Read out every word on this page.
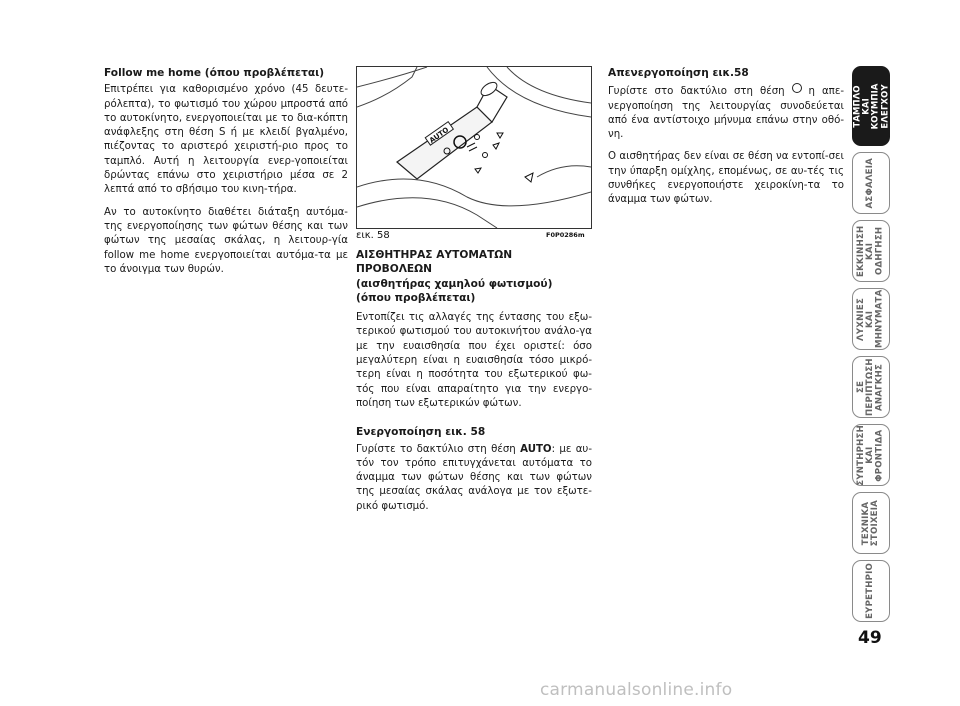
Follow me home (όπου προβλέπεται)

Επιτρέπει για καθορισμένο χρόνο (45 δευτε-ρόλεπτα), το φωτισμό του χώρου μπροστά από το αυτοκίνητο, ενεργοποιείται με το δια-κόπτη ανάφλεξης στη θέση S ή με κλειδί βγαλμένο, πιέζοντας το αριστερό χειριστή-ριο προς το ταμπλό. Αυτή η λειτουργία ενερ-γοποιείται δρώντας επάνω στο χειριστήριο μέσα σε 2 λεπτά από το σβήσιμο του κινη-τήρα.

Αν το αυτοκίνητο διαθέτει διάταξη αυτόμα-της ενεργοποίησης των φώτων θέσης και των φώτων της μεσαίας σκάλας, η λειτουρ-γία follow me home ενεργοποιείται αυτόμα-τα με το άνοιγμα των θυρών.

AUTO
εικ. 58	F0P0286m
ΑΙΣΘΗΤΗΡΑΣ ΑΥΤΟΜΑΤΩΝ
ΠΡΟΒΟΛΕΩΝ
(αισθητήρας χαμηλού φωτισμού)
(όπου προβλέπεται)

Εντοπίζει τις αλλαγές της έντασης του εξω-τερικού φωτισμού του αυτοκινήτου ανάλο-γα με την ευαισθησία που έχει οριστεί: όσο μεγαλύτερη είναι η ευαισθησία τόσο μικρό-τερη είναι η ποσότητα του εξωτερικού φω-τός που είναι απαραίτητο για την ενεργο-ποίηση των εξωτερικών φώτων.

Ενεργοποίηση εικ. 58

Γυρίστε το δακτύλιο στη θέση AUTO: με αυ-τόν τον τρόπο επιτυγχάνεται αυτόματα το άναμμα των φώτων θέσης και των φώτων της μεσαίας σκάλας ανάλογα με τον εξωτε-ρικό φωτισμό.

Απενεργοποίηση εικ.58

Γυρίστε στο δακτύλιο στη θέση  η απε-νεργοποίηση της λειτουργίας συνοδεύεται από ένα αντίστοιχο μήνυμα επάνω στην οθό-νη.

Ο αισθητήρας δεν είναι σε θέση να εντοπί-σει την ύπαρξη ομίχλης, επομένως, σε αυ-τές τις συνθήκες ενεργοποιήστε χειροκίνη-τα το άναμμα των φώτων.

ΤΑΜΠΛΟ ΚΑΙ
ΚΟΥΜΠΙΑ
ΕΛΕΓΧΟΥ
ΑΣΦΑΛΕΙΑ
ΕΚΚΙΝΗΣΗ
ΚΑΙ ΟΔΗΓΗΣΗ
ΛΥΧΝΙΕΣ ΚΑΙ
ΜΗΝΥΜΑΤΑ
ΣΕ ΠΕΡΙΠΤΩΣΗ
ΑΝΑΓΚΗΣ
ΣΥΝΤΗΡΗΣΗ
ΚΑΙ ΦΡΟΝΤΙΔΑ
ΤΕΧΝΙΚΑ
ΣΤΟΙΧΕΙΑ
ΕΥΡΕΤΗΡΙΟ
49
carmanualsonline.info
